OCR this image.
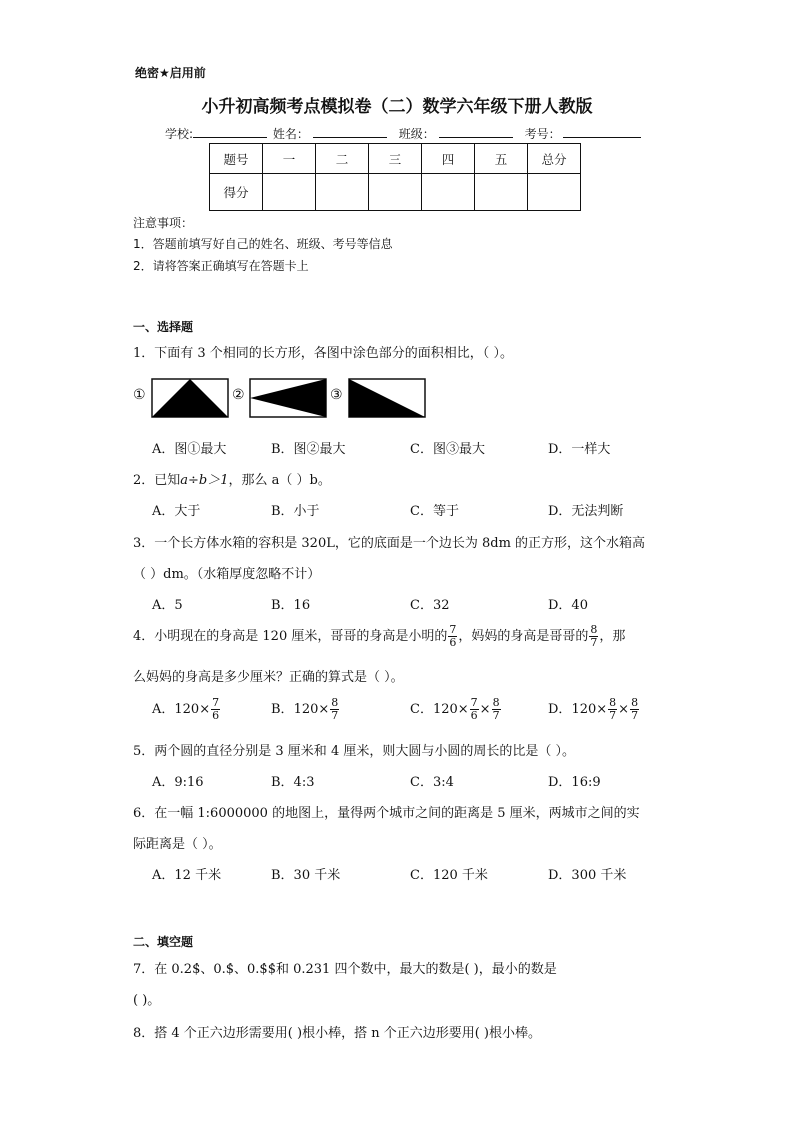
绝密★启用前
小升初高频考点模拟卷（二）数学六年级下册人教版
学校:	姓名：	班级：	考号：
题号	一	二	三	四	五	总分
得分						
注意事项：
1．答题前填写好自己的姓名、班级、考号等信息
2．请将答案正确填写在答题卡上
一、选择题
1．下面有 3 个相同的长方形，各图中涂色部分的面积相比，（ ）。
①	②	③
A．图①最大	B．图②最大	C．图③最大	D．一样大
2．已知a÷b＞1，那么 a（ ）b。
A．大于	B．小于	C．等于	D．无法判断
3．一个长方体水箱的容积是 320L，它的底面是一个边长为 8dm 的正方形，这个水箱高
（ ）dm。（水箱厚度忽略不计）
A．5	B．16	C．32	D．40
4．小明现在的身高是 120 厘米，哥哥的身高是小明的 $\frac{7}{6}$ ，妈妈的身高是哥哥的 $\frac{8}{7}$ ，那
么妈妈的身高是多少厘米？正确的算式是（ ）。
A．$120\times \frac{7}{6}$	B．$120\times \frac{8}{7}$	C．$120\times \frac{7}{6} \times \frac{8}{7}$	D．$120\times \frac{8}{7} \times \frac{8}{7}$
5．两个圆的直径分别是 3 厘米和 4 厘米，则大圆与小圆的周长的比是（ ）。
A．9:16	B．4:3	C．3:4	D．16:9
6．在一幅 1:6000000 的地图上，量得两个城市之间的距离是 5 厘米，两城市之间的实
际距离是（ ）。
A．12 千米	B．30 千米	C．120 千米	D．300 千米
二、填空题
7．在 0.2$̇、0.$̇、0.$̇$̇和 0.231 四个数中，最大的数是( )，最小的数是
( )。
8．搭 4 个正六边形需要用( )根小棒，搭 n 个正六边形要用( )根小棒。
